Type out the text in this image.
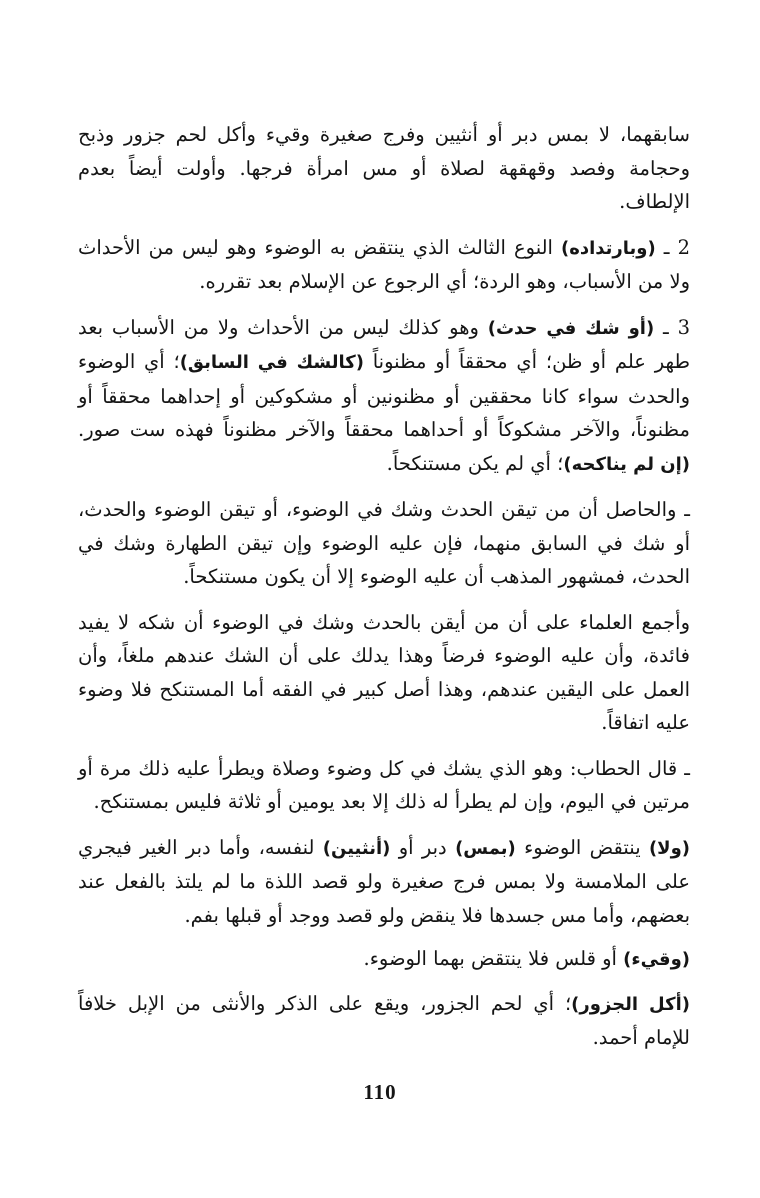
سابقهما، لا بمس دبر أو أنثيين وفرج صغيرة وقيء وأكل لحم جزور وذبح وحجامة وفصد وقهقهة لصلاة أو مس امرأة فرجها. وأولت أيضاً بعدم الإلطاف.

2 ـ (وبارتداده) النوع الثالث الذي ينتقض به الوضوء وهو ليس من الأحداث ولا من الأسباب، وهو الردة؛ أي الرجوع عن الإسلام بعد تقرره.

3 ـ (أو شك في حدث) وهو كذلك ليس من الأحداث ولا من الأسباب بعد طهر علم أو ظن؛ أي محققاً أو مظنوناً (كالشك في السابق)؛ أي الوضوء والحدث سواء كانا محققين أو مظنونين أو مشكوكين أو إحداهما محققاً أو مظنوناً، والآخر مشكوكاً أو أحداهما محققاً والآخر مظنوناً فهذه ست صور. (إن لم يناكحه)؛ أي لم يكن مستنكحاً.

ـ والحاصل أن من تيقن الحدث وشك في الوضوء، أو تيقن الوضوء والحدث، أو شك في السابق منهما، فإن عليه الوضوء وإن تيقن الطهارة وشك في الحدث، فمشهور المذهب أن عليه الوضوء إلا أن يكون مستنكحاً.

وأجمع العلماء على أن من أيقن بالحدث وشك في الوضوء أن شكه لا يفيد فائدة، وأن عليه الوضوء فرضاً وهذا يدلك على أن الشك عندهم ملغاً، وأن العمل على اليقين عندهم، وهذا أصل كبير في الفقه أما المستنكح فلا وضوء عليه اتفاقاً.

ـ قال الحطاب: وهو الذي يشك في كل وضوء وصلاة ويطرأ عليه ذلك مرة أو مرتين في اليوم، وإن لم يطرأ له ذلك إلا بعد يومين أو ثلاثة فليس بمستنكح.

(ولا) ينتقض الوضوء (بمس) دبر أو (أنثيين) لنفسه، وأما دبر الغير فيجري على الملامسة ولا بمس فرج صغيرة ولو قصد اللذة ما لم يلتذ بالفعل عند بعضهم، وأما مس جسدها فلا ينقض ولو قصد ووجد أو قبلها بفم.

(وقيء) أو قلس فلا ينتقض بهما الوضوء.

(أكل الجزور)؛ أي لحم الجزور، ويقع على الذكر والأنثى من الإبل خلافاً للإمام أحمد.

110
